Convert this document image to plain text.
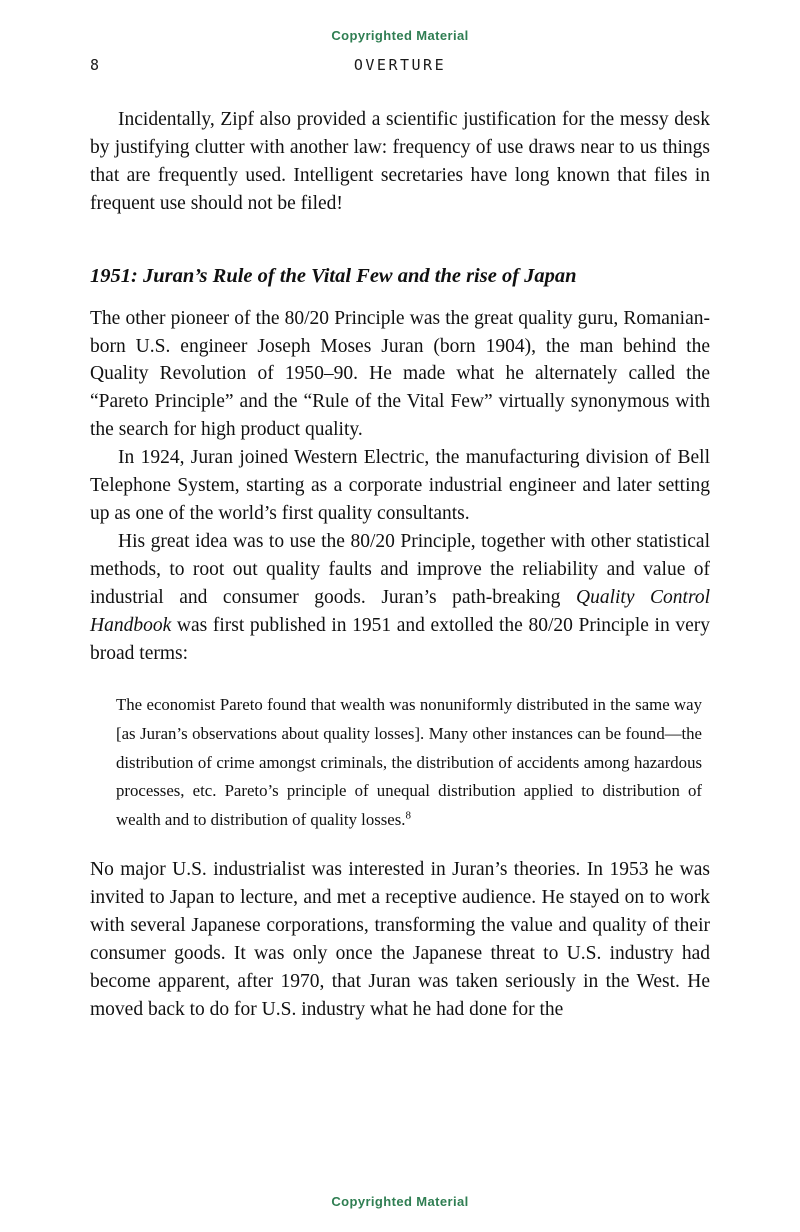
Copyrighted Material
8	OVERTURE

Incidentally, Zipf also provided a scientific justification for the messy desk by justifying clutter with another law: frequency of use draws near to us things that are frequently used. Intelligent secretaries have long known that files in frequent use should not be filed!

1951: Juran’s Rule of the Vital Few and the rise of Japan

The other pioneer of the 80/20 Principle was the great quality guru, Romanian-born U.S. engineer Joseph Moses Juran (born 1904), the man behind the Quality Revolution of 1950–90. He made what he alternately called the “Pareto Principle” and the “Rule of the Vital Few” virtually synonymous with the search for high product quality.

In 1924, Juran joined Western Electric, the manufacturing division of Bell Telephone System, starting as a corporate industrial engineer and later setting up as one of the world’s first quality consultants.

His great idea was to use the 80/20 Principle, together with other statistical methods, to root out quality faults and improve the reliability and value of industrial and consumer goods. Juran’s path-breaking Quality Control Handbook was first published in 1951 and extolled the 80/20 Principle in very broad terms:

The economist Pareto found that wealth was nonuniformly distributed in the same way [as Juran’s observations about quality losses]. Many other instances can be found—the distribution of crime amongst criminals, the distribution of accidents among hazardous processes, etc. Pareto’s principle of unequal distribution applied to distribution of wealth and to distribution of quality losses.$^8$

No major U.S. industrialist was interested in Juran’s theories. In 1953 he was invited to Japan to lecture, and met a receptive audience. He stayed on to work with several Japanese corporations, transforming the value and quality of their consumer goods. It was only once the Japanese threat to U.S. industry had become apparent, after 1970, that Juran was taken seriously in the West. He moved back to do for U.S. industry what he had done for the

Copyrighted Material
